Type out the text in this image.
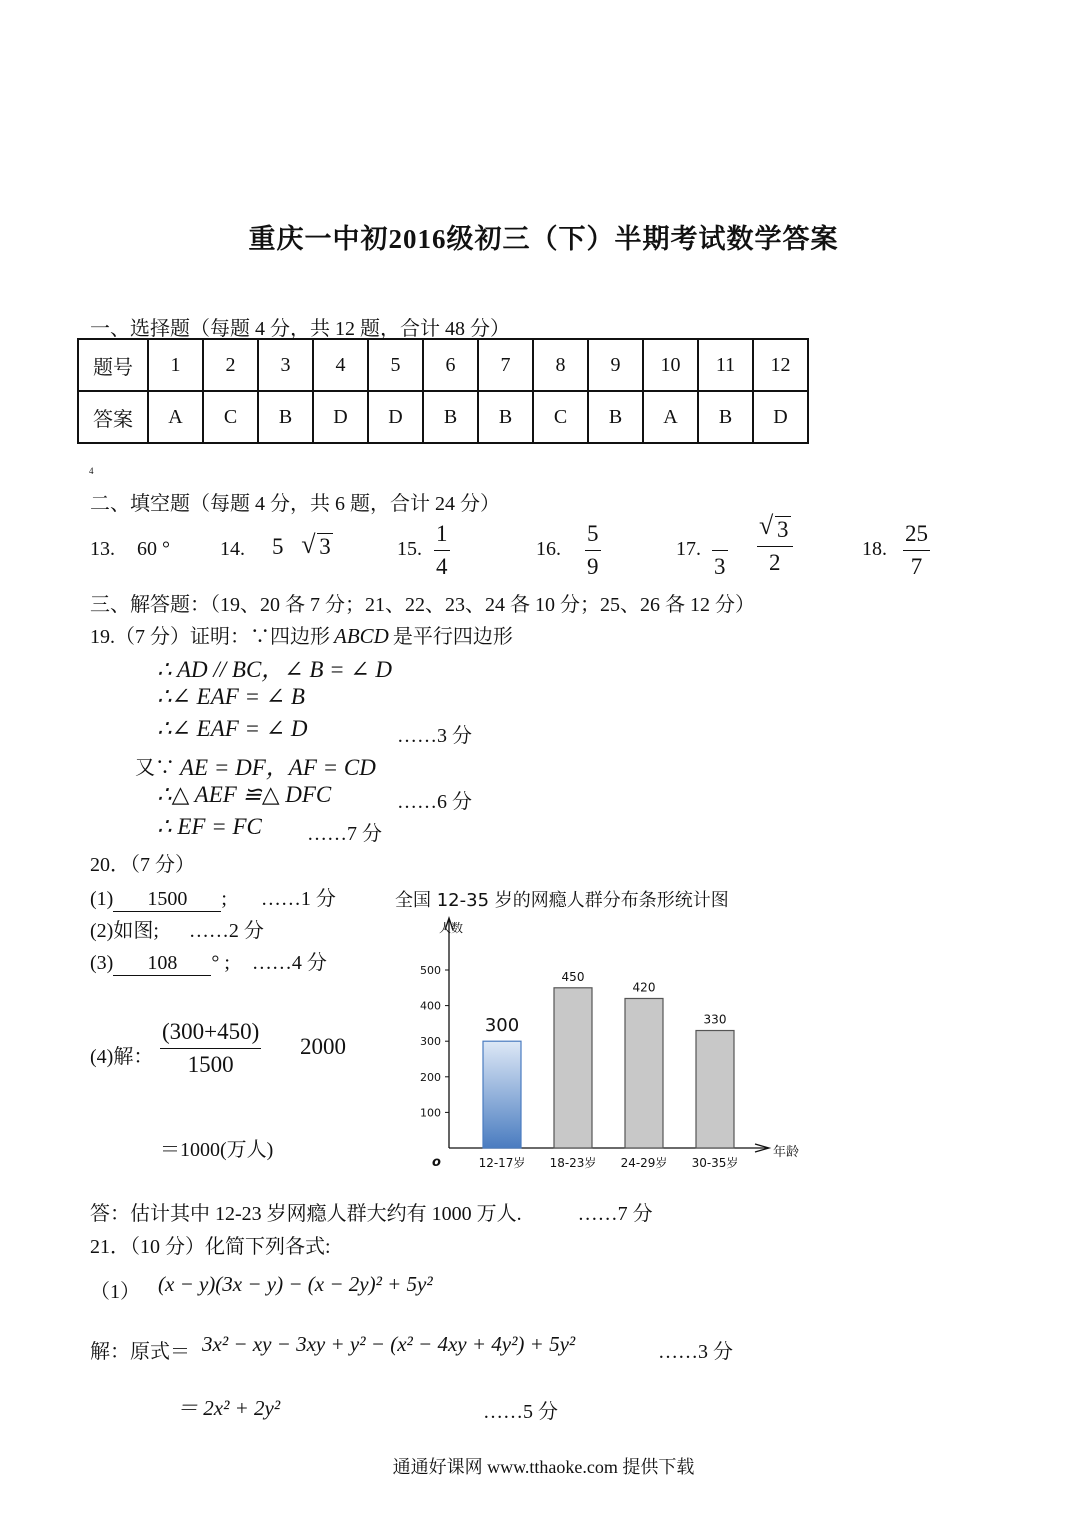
重庆一中初2016级初三（下）半期考试数学答案
一、选择题（每题 4 分，共 12 题，合计 48 分）
题号	1	2	3	4	5	6	7	8	9	10	11	12
答案	A	C	B	D	D	B	B	C	B	A	B	D
4
二、填空题（每题 4 分，共 6 题，合计 24 分）
13. 60 °	14. 5 √ 3	15. $\frac{1}{4}$	16. $\frac{5}{9}$	17.
3 √ $\frac{3}{2}$	18. $\frac{25}{7}$
三、解答题：（19、20 各 7 分；21、22、23、24 各 10 分；25、26 各 12 分）
19.（7 分）证明：∵四边形 ABCD 是平行四边形
∴ AD // BC，∠ B = ∠ D
∴∠ EAF = ∠ B
∴∠ EAF = ∠ D	……3 分
又∵ AE = DF，AF = CD
∴△ AEF ≌△ DFC	……6 分
∴ EF = FC ……7 分
20．（7 分）
(1) 1500 ; ……1 分
(2)如图; ……2 分
(3) 108 ° ; ……4 分
(4)解： $\frac{(300+450)}{1500} 2000$
＝1000(万人)
全国 12-35 岁的网瘾人群分布条形统计图
人数
年龄
o
100
200
300
400
500
300
12-17岁
450
18-23岁
420
24-29岁
330
30-35岁
答：估计其中 12-23 岁网瘾人群大约有 1000 万人.	……7 分
21．（10 分）化简下列各式:
（1） (x − y)(3x − y) − (x − 2y)² + 5y²
解：原式＝ 3x² − xy − 3xy + y² − (x² − 4xy + 4y²) + 5y²	……3 分
＝ 2x² + 2y²	……5 分
通通好课网 www.tthaoke.com 提供下载
